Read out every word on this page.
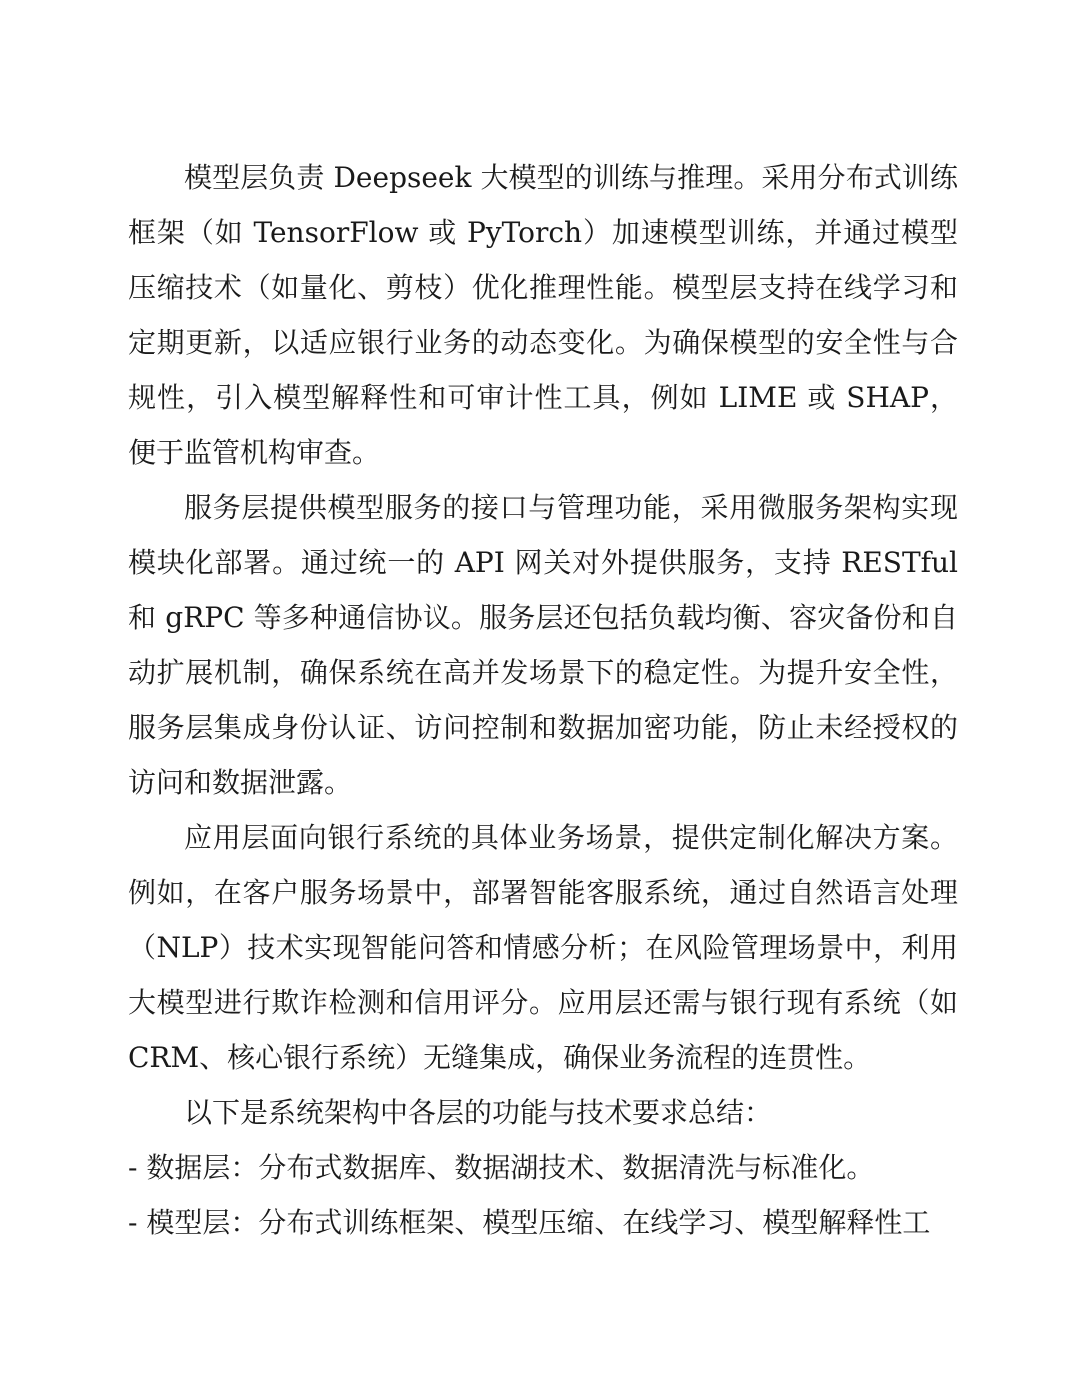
模型层负责 Deepseek 大模型的训练与推理。采用分布式训练框架（如 TensorFlow 或 PyTorch）加速模型训练，并通过模型压缩技术（如量化、剪枝）优化推理性能。模型层支持在线学习和定期更新，以适应银行业务的动态变化。为确保模型的安全性与合规性，引入模型解释性和可审计性工具，例如 LIME 或 SHAP，便于监管机构审查。

服务层提供模型服务的接口与管理功能，采用微服务架构实现模块化部署。通过统一的 API 网关对外提供服务，支持 RESTful 和 gRPC 等多种通信协议。服务层还包括负载均衡、容灾备份和自动扩展机制，确保系统在高并发场景下的稳定性。为提升安全性，服务层集成身份认证、访问控制和数据加密功能，防止未经授权的访问和数据泄露。

应用层面向银行系统的具体业务场景，提供定制化解决方案。例如，在客户服务场景中，部署智能客服系统，通过自然语言处理（NLP）技术实现智能问答和情感分析；在风险管理场景中，利用大模型进行欺诈检测和信用评分。应用层还需与银行现有系统（如 CRM、核心银行系统）无缝集成，确保业务流程的连贯性。

以下是系统架构中各层的功能与技术要求总结：

- 数据层：分布式数据库、数据湖技术、数据清洗与标准化。
- 模型层：分布式训练框架、模型压缩、在线学习、模型解释性工
